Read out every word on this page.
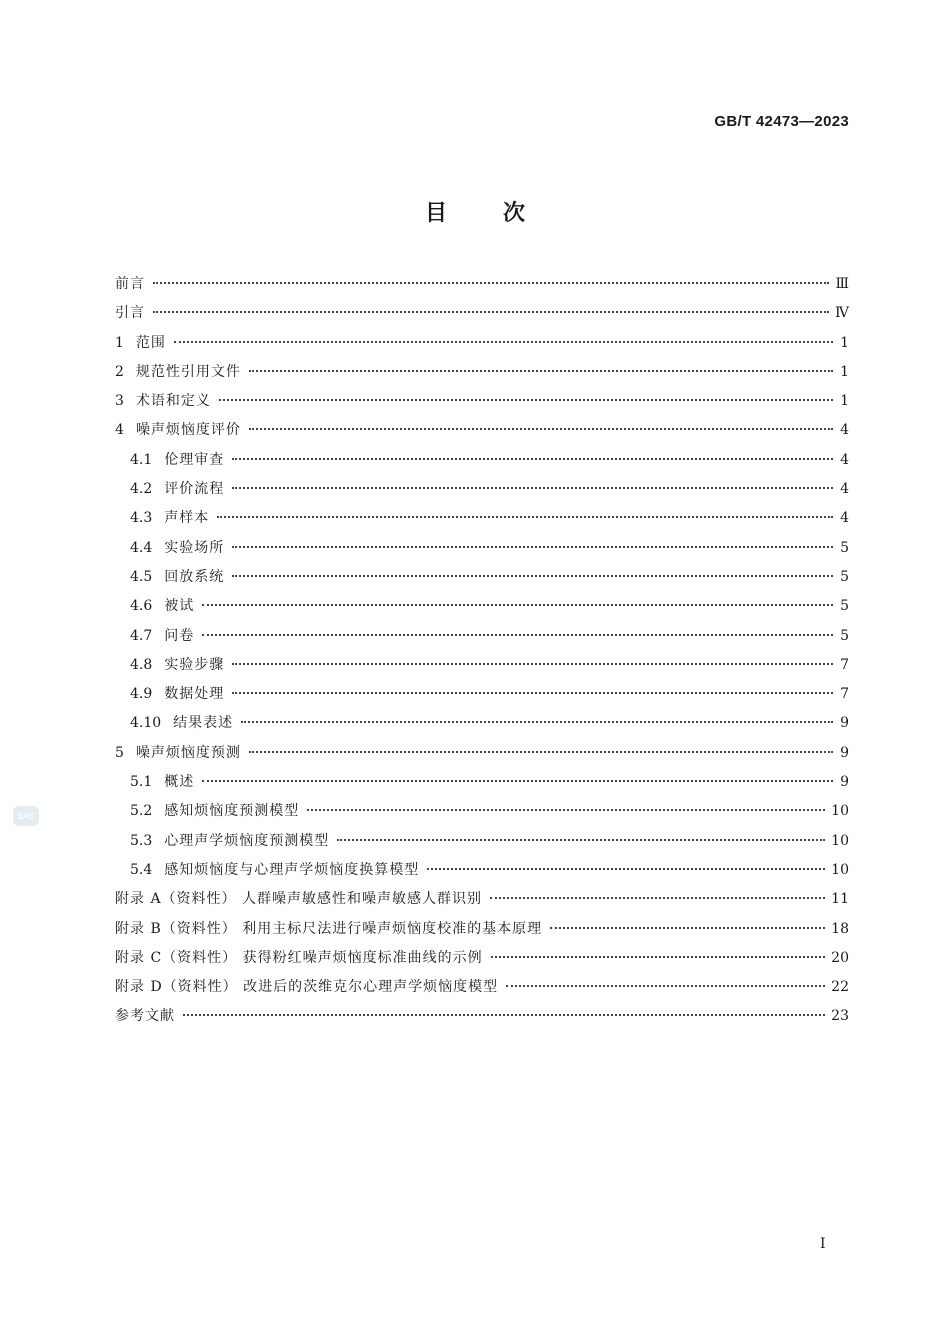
GB/T 42473—2023
目次
前言	Ⅲ
引言	Ⅳ
1 范围	1
2 规范性引用文件	1
3 术语和定义	1
4 噪声烦恼度评价	4
4.1 伦理审查	4
4.2 评价流程	4
4.3 声样本	4
4.4 实验场所	5
4.5 回放系统	5
4.6 被试	5
4.7 问卷	5
4.8 实验步骤	7
4.9 数据处理	7
4.10 结果表述	9
5 噪声烦恼度预测	9
5.1 概述	9
5.2 感知烦恼度预测模型	10
5.3 心理声学烦恼度预测模型	10
5.4 感知烦恼度与心理声学烦恼度换算模型	10
附录 A（资料性） 人群噪声敏感性和噪声敏感人群识别	11
附录 B（资料性） 利用主标尺法进行噪声烦恼度校准的基本原理	18
附录 C（资料性） 获得粉红噪声烦恼度标准曲线的示例	20
附录 D（资料性） 改进后的茨维克尔心理声学烦恼度模型	22
参考文献	23
SAC
Ⅰ
